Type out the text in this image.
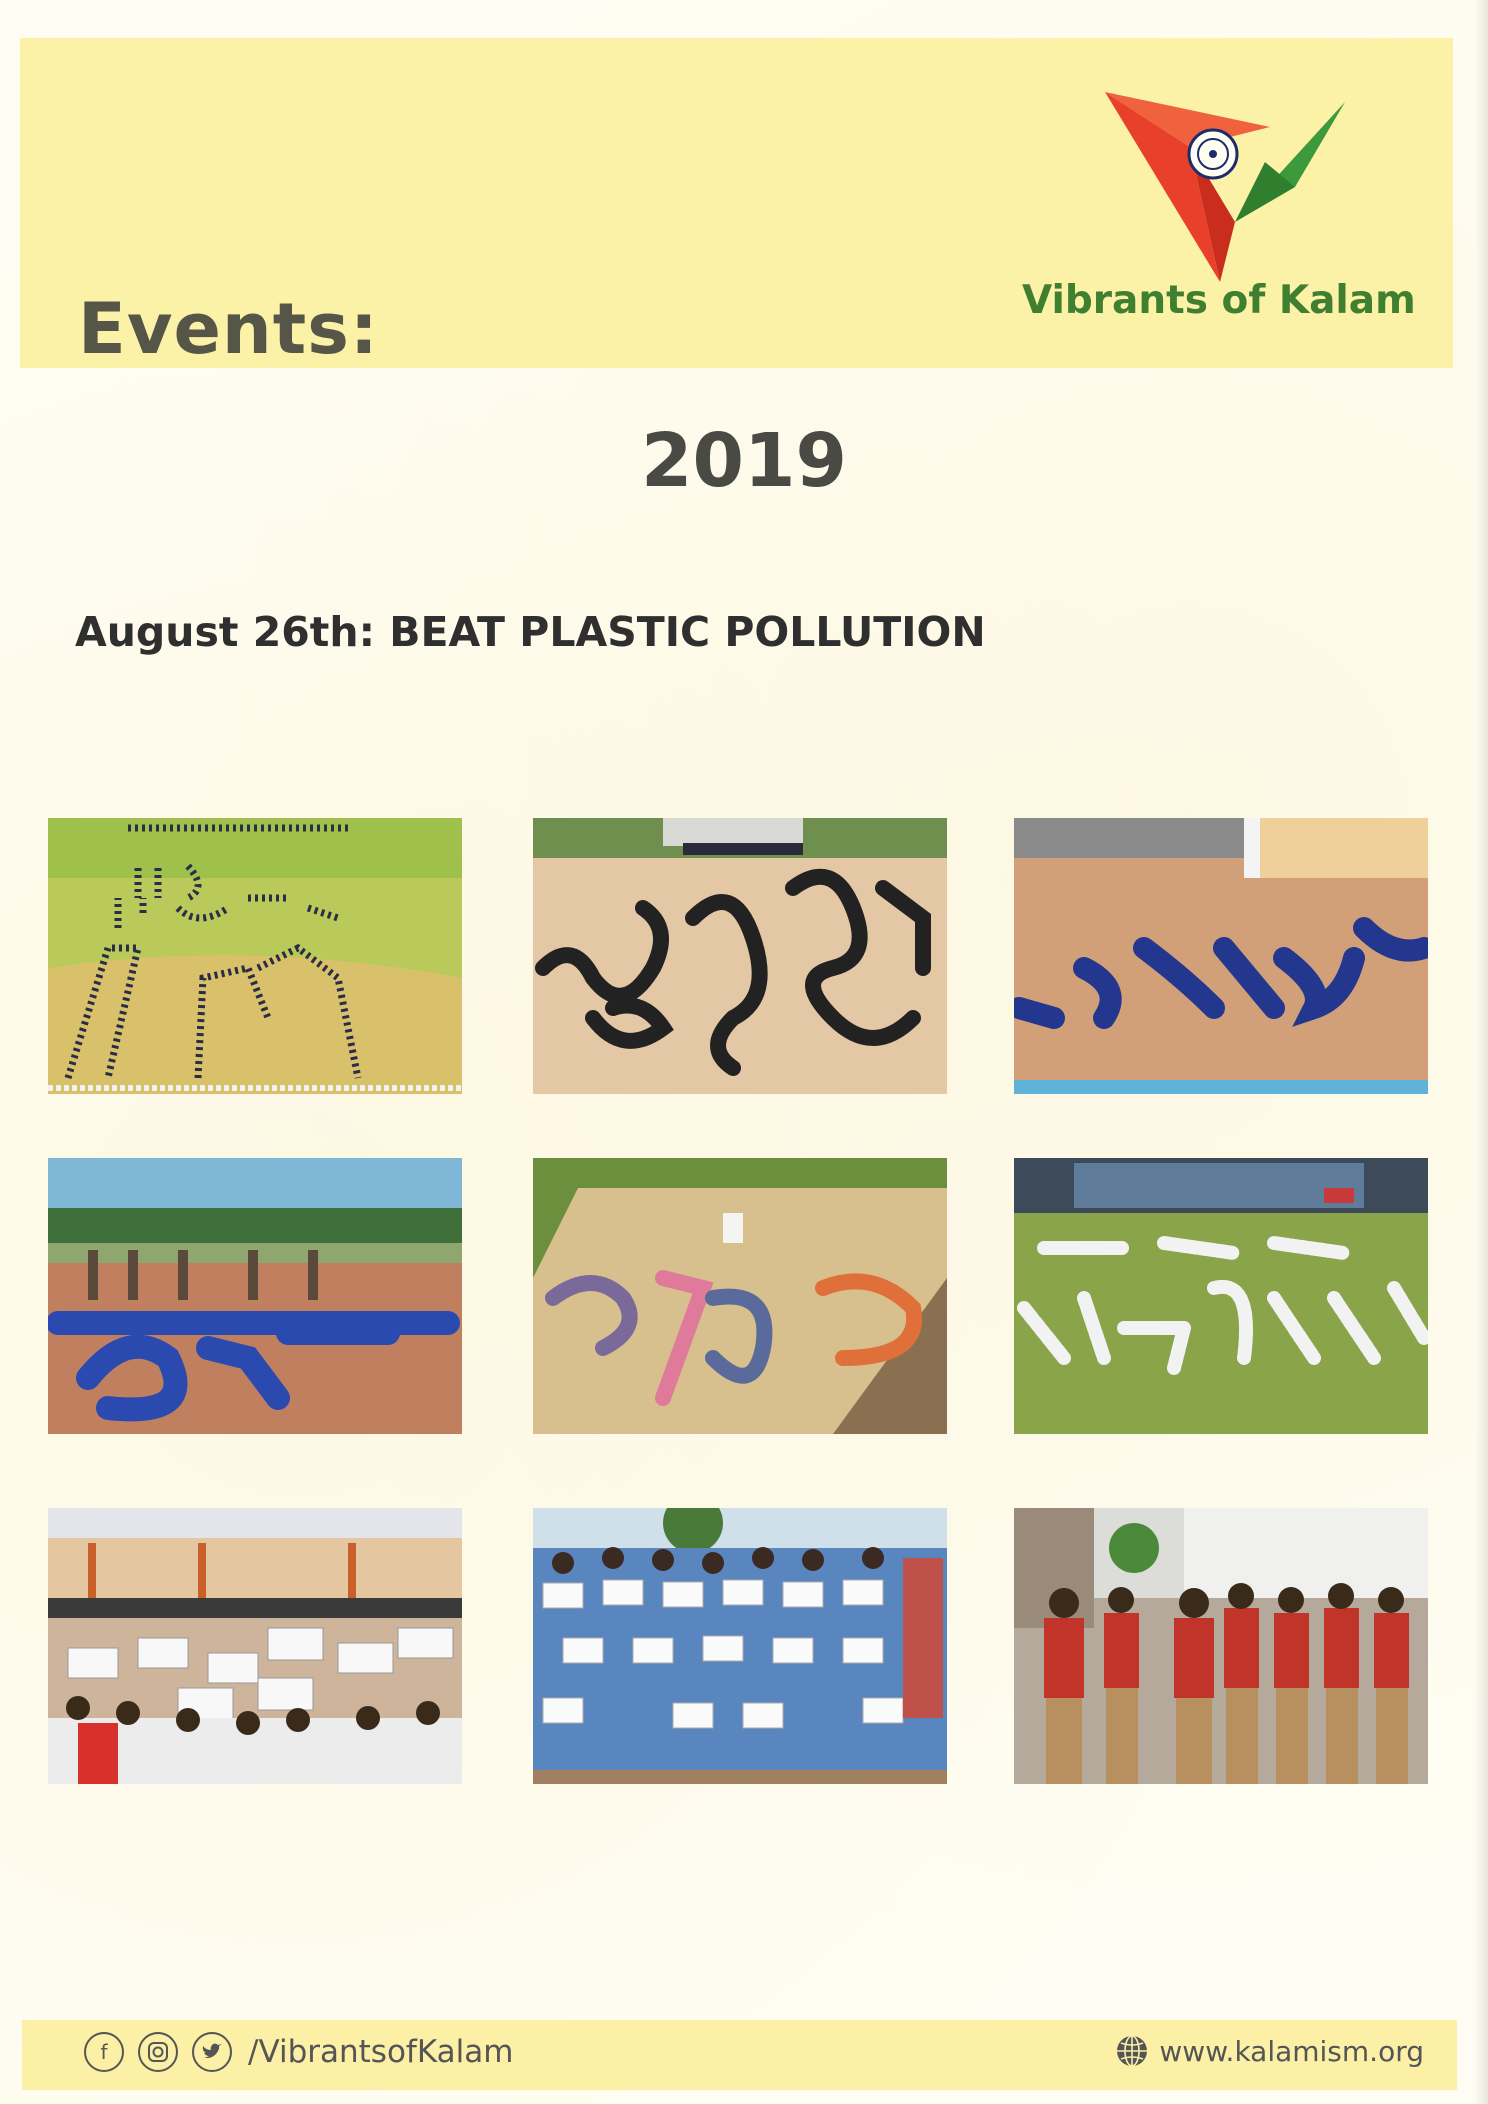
Events:	Vibrants of Kalam
2019
August 26th: BEAT PLASTIC POLLUTION
f	/VibrantsofKalam	www.kalamism.org
